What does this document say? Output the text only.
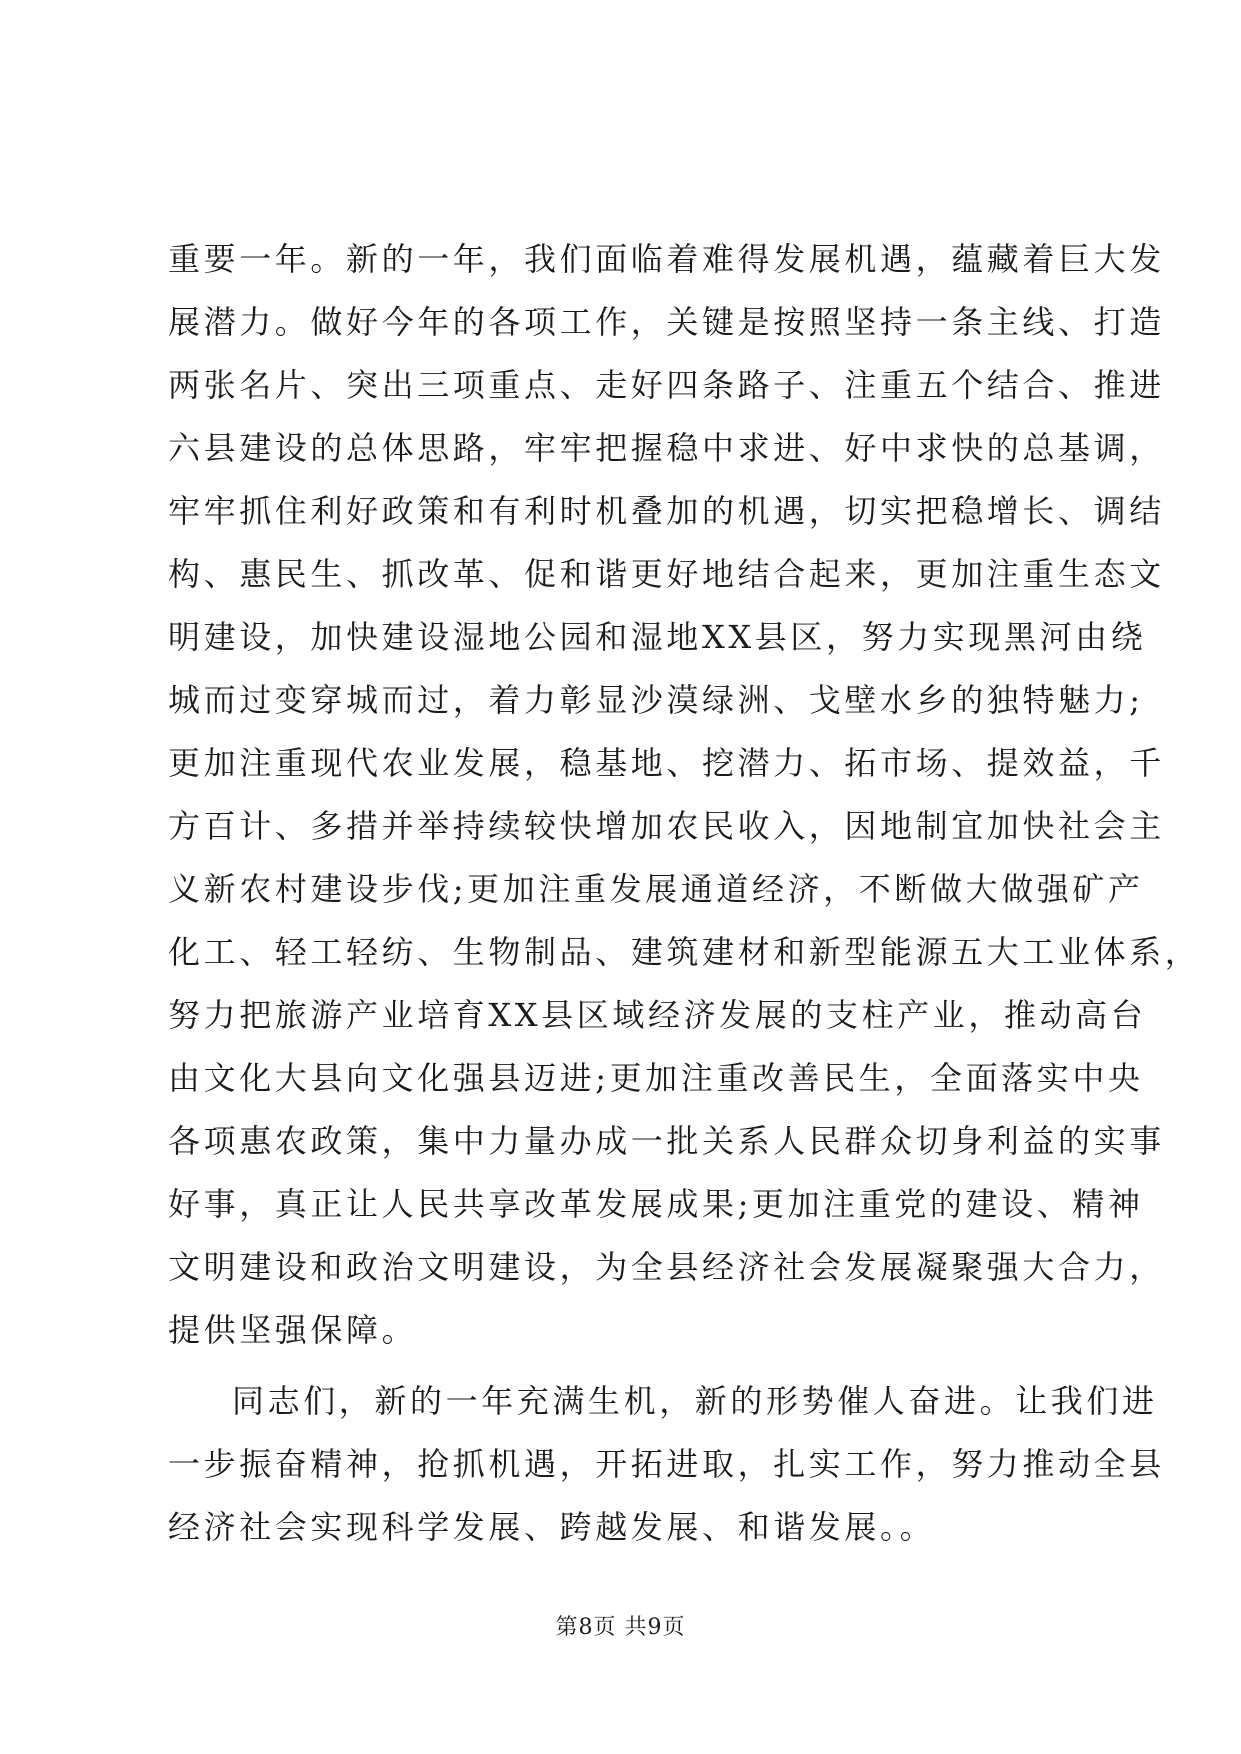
重要一年。新的一年，我们面临着难得发展机遇，蕴藏着巨大发
展潜力。做好今年的各项工作，关键是按照坚持一条主线、打造
两张名片、突出三项重点、走好四条路子、注重五个结合、推进
六县建设的总体思路，牢牢把握稳中求进、好中求快的总基调，
牢牢抓住利好政策和有利时机叠加的机遇，切实把稳增长、调结
构、惠民生、抓改革、促和谐更好地结合起来，更加注重生态文
明建设，加快建设湿地公园和湿地XX县区，努力实现黑河由绕
城而过变穿城而过，着力彰显沙漠绿洲、戈壁水乡的独特魅力;
更加注重现代农业发展，稳基地、挖潜力、拓市场、提效益，千
方百计、多措并举持续较快增加农民收入，因地制宜加快社会主
义新农村建设步伐;更加注重发展通道经济，不断做大做强矿产
化工、轻工轻纺、生物制品、建筑建材和新型能源五大工业体系，
努力把旅游产业培育XX县区域经济发展的支柱产业，推动高台
由文化大县向文化强县迈进;更加注重改善民生，全面落实中央
各项惠农政策，集中力量办成一批关系人民群众切身利益的实事
好事，真正让人民共享改革发展成果;更加注重党的建设、精神
文明建设和政治文明建设，为全县经济社会发展凝聚强大合力，
提供坚强保障。
同志们，新的一年充满生机，新的形势催人奋进。让我们进
一步振奋精神，抢抓机遇，开拓进取，扎实工作，努力推动全县
经济社会实现科学发展、跨越发展、和谐发展。。
第8页 共9页
